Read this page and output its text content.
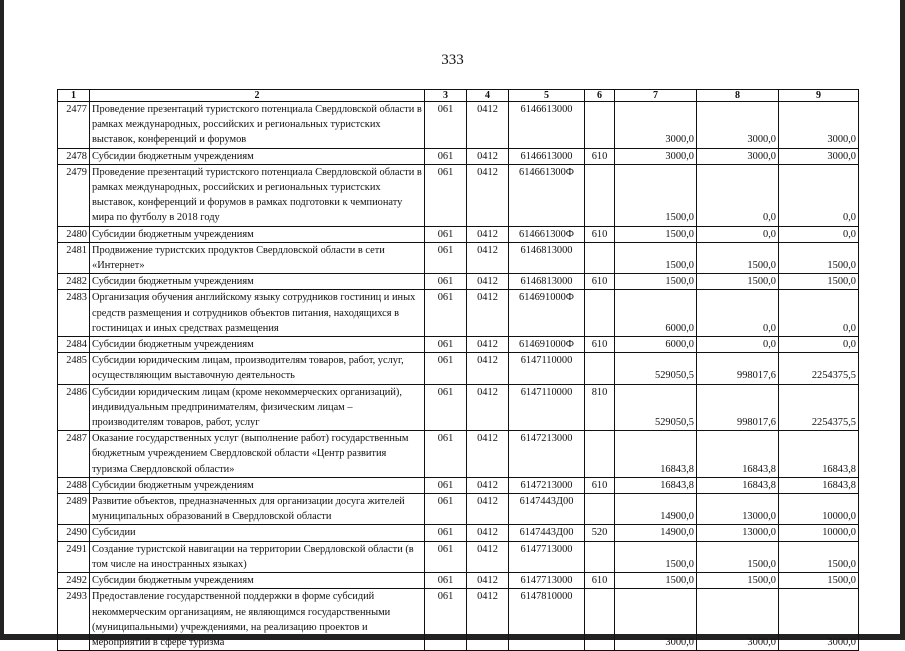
333
1	2	3	4	5	6	7	8	9
2477	Проведение презентаций туристского потенциала Свердловской области в рамках международных, российских и региональных туристских выставок, конференций и форумов	061	0412	6146613000		3000,0	3000,0	3000,0
2478	Субсидии бюджетным учреждениям	061	0412	6146613000	610	3000,0	3000,0	3000,0
2479	Проведение презентаций туристского потенциала Свердловской области в рамках международных, российских и региональных туристских выставок, конференций и форумов в рамках подготовки к чемпионату мира по футболу в 2018 году	061	0412	614661300Ф		1500,0	0,0	0,0
2480	Субсидии бюджетным учреждениям	061	0412	614661300Ф	610	1500,0	0,0	0,0
2481	Продвижение туристских продуктов Свердловской области в сети «Интернет»	061	0412	6146813000		1500,0	1500,0	1500,0
2482	Субсидии бюджетным учреждениям	061	0412	6146813000	610	1500,0	1500,0	1500,0
2483	Организация обучения английскому языку сотрудников гостиниц и иных средств размещения и сотрудников объектов питания, находящихся в гостиницах и иных средствах размещения	061	0412	614691000Ф		6000,0	0,0	0,0
2484	Субсидии бюджетным учреждениям	061	0412	614691000Ф	610	6000,0	0,0	0,0
2485	Субсидии юридическим лицам, производителям товаров, работ, услуг, осуществляющим выставочную деятельность	061	0412	6147110000		529050,5	998017,6	2254375,5
2486	Субсидии юридическим лицам (кроме некоммерческих организаций), индивидуальным предпринимателям, физическим лицам – производителям товаров, работ, услуг	061	0412	6147110000	810	529050,5	998017,6	2254375,5
2487	Оказание государственных услуг (выполнение работ) государственным бюджетным учреждением Свердловской области «Центр развития туризма Свердловской области»	061	0412	6147213000		16843,8	16843,8	16843,8
2488	Субсидии бюджетным учреждениям	061	0412	6147213000	610	16843,8	16843,8	16843,8
2489	Развитие объектов, предназначенных для организации досуга жителей муниципальных образований в Свердловской области	061	0412	6147443Д00		14900,0	13000,0	10000,0
2490	Субсидии	061	0412	6147443Д00	520	14900,0	13000,0	10000,0
2491	Создание туристской навигации на территории Свердловской области (в том числе на иностранных языках)	061	0412	6147713000		1500,0	1500,0	1500,0
2492	Субсидии бюджетным учреждениям	061	0412	6147713000	610	1500,0	1500,0	1500,0
2493	Предоставление государственной поддержки в форме субсидий некоммерческим организациям, не являющимся государственными (муниципальными) учреждениями, на реализацию проектов и мероприятий в сфере туризма	061	0412	6147810000		3000,0	3000,0	3000,0
